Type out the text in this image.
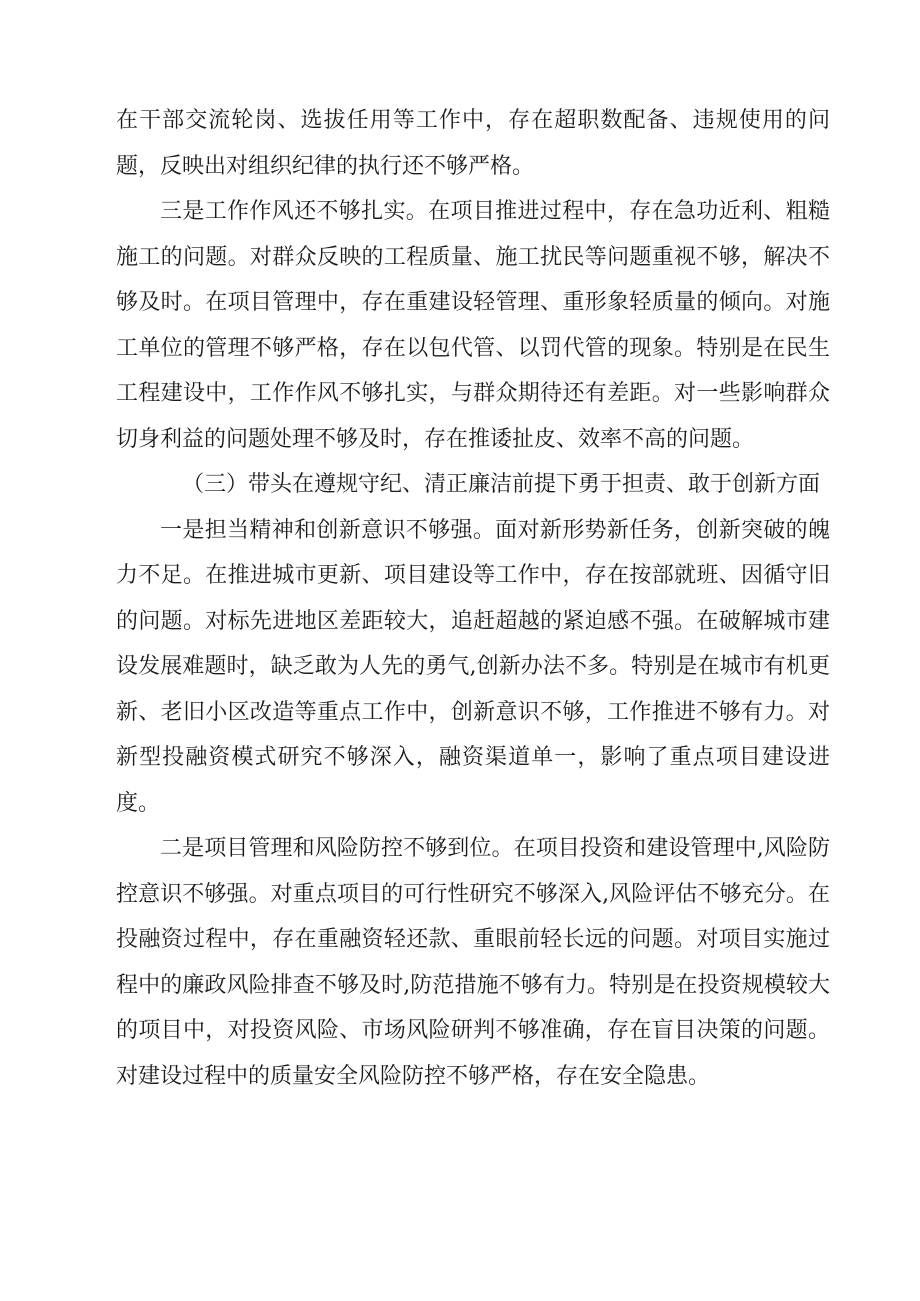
在干部交流轮岗、选拔任用等工作中，存在超职数配备、违规使用的问题，反映出对组织纪律的执行还不够严格。

三是工作作风还不够扎实。在项目推进过程中，存在急功近利、粗糙施工的问题。对群众反映的工程质量、施工扰民等问题重视不够，解决不够及时。在项目管理中，存在重建设轻管理、重形象轻质量的倾向。对施工单位的管理不够严格，存在以包代管、以罚代管的现象。特别是在民生工程建设中，工作作风不够扎实，与群众期待还有差距。对一些影响群众切身利益的问题处理不够及时，存在推诿扯皮、效率不高的问题。

（三）带头在遵规守纪、清正廉洁前提下勇于担责、敢于创新方面

一是担当精神和创新意识不够强。面对新形势新任务，创新突破的魄力不足。在推进城市更新、项目建设等工作中，存在按部就班、因循守旧的问题。对标先进地区差距较大，追赶超越的紧迫感不强。在破解城市建设发展难题时，缺乏敢为人先的勇气,创新办法不多。特别是在城市有机更新、老旧小区改造等重点工作中，创新意识不够，工作推进不够有力。对新型投融资模式研究不够深入，融资渠道单一，影响了重点项目建设进度。

二是项目管理和风险防控不够到位。在项目投资和建设管理中,风险防控意识不够强。对重点项目的可行性研究不够深入,风险评估不够充分。在投融资过程中，存在重融资轻还款、重眼前轻长远的问题。对项目实施过程中的廉政风险排查不够及时,防范措施不够有力。特别是在投资规模较大的项目中，对投资风险、市场风险研判不够准确，存在盲目决策的问题。对建设过程中的质量安全风险防控不够严格，存在安全隐患。
